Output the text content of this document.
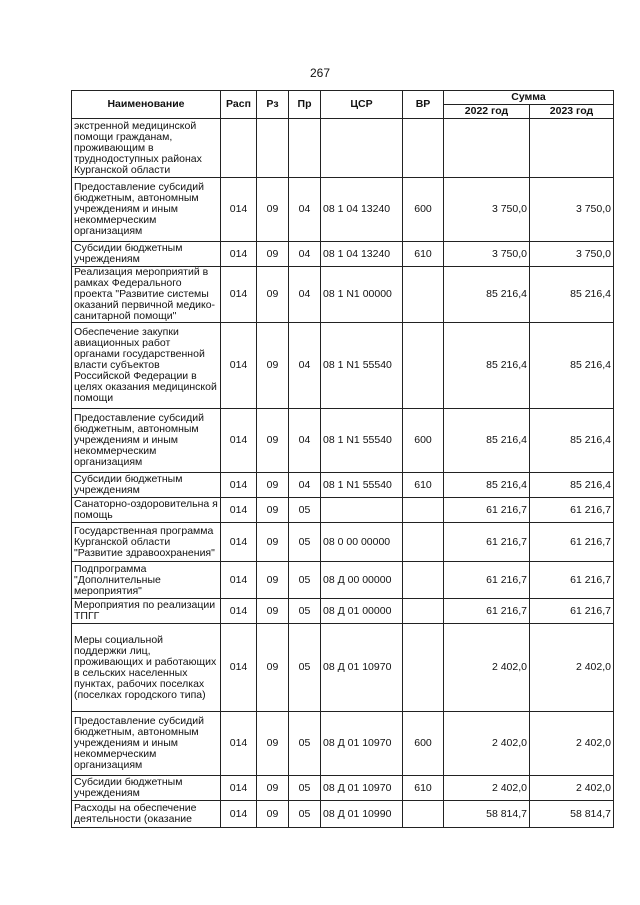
267
Наименование	Расп	Рз	Пр	ЦСР	ВР	Сумма	
						2022 год	2023 год
экстренной медицинской помощи гражданам, проживающим в труднодоступных районах Курганской области							
Предоставление субсидий бюджетным, автономным учреждениям и иным некоммерческим организациям	014	09	04	08 1 04 13240	600	3 750,0	3 750,0
Субсидии бюджетным учреждениям	014	09	04	08 1 04 13240	610	3 750,0	3 750,0
Реализация мероприятий в рамках Федерального проекта "Развитие системы оказаний первичной медико-санитарной помощи"	014	09	04	08 1 N1 00000		85 216,4	85 216,4
Обеспечение закупки авиационных работ органами государственной власти субъектов Российской Федерации в целях оказания медицинской помощи	014	09	04	08 1 N1 55540		85 216,4	85 216,4
Предоставление субсидий бюджетным, автономным учреждениям и иным некоммерческим организациям	014	09	04	08 1 N1 55540	600	85 216,4	85 216,4
Субсидии бюджетным учреждениям	014	09	04	08 1 N1 55540	610	85 216,4	85 216,4
Санаторно-оздоровительна я помощь	014	09	05			61 216,7	61 216,7
Государственная программа Курганской области "Развитие здравоохранения"	014	09	05	08 0 00 00000		61 216,7	61 216,7
Подпрограмма "Дополнительные мероприятия"	014	09	05	08 Д 00 00000		61 216,7	61 216,7
Мероприятия по реализации ТПГГ	014	09	05	08 Д 01 00000		61 216,7	61 216,7
Меры социальной поддержки лиц, проживающих и работающих в сельских населенных пунктах, рабочих поселках (поселках городского типа)	014	09	05	08 Д 01 10970		2 402,0	2 402,0
Предоставление субсидий бюджетным, автономным учреждениям и иным некоммерческим организациям	014	09	05	08 Д 01 10970	600	2 402,0	2 402,0
Субсидии бюджетным учреждениям	014	09	05	08 Д 01 10970	610	2 402,0	2 402,0
Расходы на обеспечение деятельности (оказание	014	09	05	08 Д 01 10990		58 814,7	58 814,7
